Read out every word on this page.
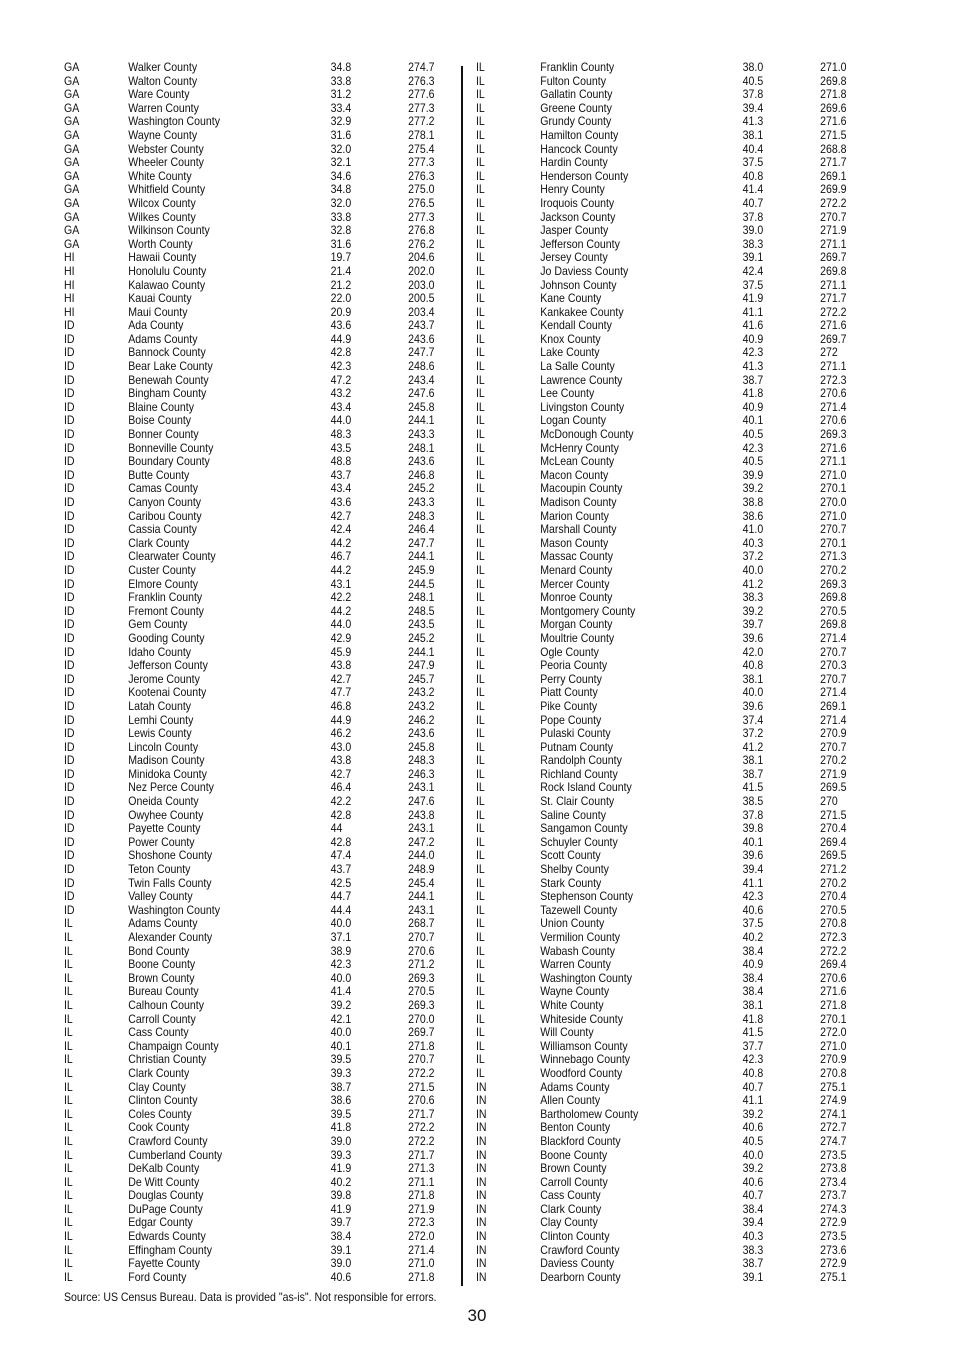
GA	Walker County	34.8	274.7
GA	Walton County	33.8	276.3
GA	Ware County	31.2	277.6
GA	Warren County	33.4	277.3
GA	Washington County	32.9	277.2
GA	Wayne County	31.6	278.1
GA	Webster County	32.0	275.4
GA	Wheeler County	32.1	277.3
GA	White County	34.6	276.3
GA	Whitfield County	34.8	275.0
GA	Wilcox County	32.0	276.5
GA	Wilkes County	33.8	277.3
GA	Wilkinson County	32.8	276.8
GA	Worth County	31.6	276.2
HI	Hawaii County	19.7	204.6
HI	Honolulu County	21.4	202.0
HI	Kalawao County	21.2	203.0
HI	Kauai County	22.0	200.5
HI	Maui County	20.9	203.4
ID	Ada County	43.6	243.7
ID	Adams County	44.9	243.6
ID	Bannock County	42.8	247.7
ID	Bear Lake County	42.3	248.6
ID	Benewah County	47.2	243.4
ID	Bingham County	43.2	247.6
ID	Blaine County	43.4	245.8
ID	Boise County	44.0	244.1
ID	Bonner County	48.3	243.3
ID	Bonneville County	43.5	248.1
ID	Boundary County	48.8	243.6
ID	Butte County	43.7	246.8
ID	Camas County	43.4	245.2
ID	Canyon County	43.6	243.3
ID	Caribou County	42.7	248.3
ID	Cassia County	42.4	246.4
ID	Clark County	44.2	247.7
ID	Clearwater County	46.7	244.1
ID	Custer County	44.2	245.9
ID	Elmore County	43.1	244.5
ID	Franklin County	42.2	248.1
ID	Fremont County	44.2	248.5
ID	Gem County	44.0	243.5
ID	Gooding County	42.9	245.2
ID	Idaho County	45.9	244.1
ID	Jefferson County	43.8	247.9
ID	Jerome County	42.7	245.7
ID	Kootenai County	47.7	243.2
ID	Latah County	46.8	243.2
ID	Lemhi County	44.9	246.2
ID	Lewis County	46.2	243.6
ID	Lincoln County	43.0	245.8
ID	Madison County	43.8	248.3
ID	Minidoka County	42.7	246.3
ID	Nez Perce County	46.4	243.1
ID	Oneida County	42.2	247.6
ID	Owyhee County	42.8	243.8
ID	Payette County	44	243.1
ID	Power County	42.8	247.2
ID	Shoshone County	47.4	244.0
ID	Teton County	43.7	248.9
ID	Twin Falls County	42.5	245.4
ID	Valley County	44.7	244.1
ID	Washington County	44.4	243.1
IL	Adams County	40.0	268.7
IL	Alexander County	37.1	270.7
IL	Bond County	38.9	270.6
IL	Boone County	42.3	271.2
IL	Brown County	40.0	269.3
IL	Bureau County	41.4	270.5
IL	Calhoun County	39.2	269.3
IL	Carroll County	42.1	270.0
IL	Cass County	40.0	269.7
IL	Champaign County	40.1	271.8
IL	Christian County	39.5	270.7
IL	Clark County	39.3	272.2
IL	Clay County	38.7	271.5
IL	Clinton County	38.6	270.6
IL	Coles County	39.5	271.7
IL	Cook County	41.8	272.2
IL	Crawford County	39.0	272.2
IL	Cumberland County	39.3	271.7
IL	DeKalb County	41.9	271.3
IL	De Witt County	40.2	271.1
IL	Douglas County	39.8	271.8
IL	DuPage County	41.9	271.9
IL	Edgar County	39.7	272.3
IL	Edwards County	38.4	272.0
IL	Effingham County	39.1	271.4
IL	Fayette County	39.0	271.0
IL	Ford County	40.6	271.8
IL	Franklin County	38.0	271.0
IL	Fulton County	40.5	269.8
IL	Gallatin County	37.8	271.8
IL	Greene County	39.4	269.6
IL	Grundy County	41.3	271.6
IL	Hamilton County	38.1	271.5
IL	Hancock County	40.4	268.8
IL	Hardin County	37.5	271.7
IL	Henderson County	40.8	269.1
IL	Henry County	41.4	269.9
IL	Iroquois County	40.7	272.2
IL	Jackson County	37.8	270.7
IL	Jasper County	39.0	271.9
IL	Jefferson County	38.3	271.1
IL	Jersey County	39.1	269.7
IL	Jo Daviess County	42.4	269.8
IL	Johnson County	37.5	271.1
IL	Kane County	41.9	271.7
IL	Kankakee County	41.1	272.2
IL	Kendall County	41.6	271.6
IL	Knox County	40.9	269.7
IL	Lake County	42.3	272
IL	La Salle County	41.3	271.1
IL	Lawrence County	38.7	272.3
IL	Lee County	41.8	270.6
IL	Livingston County	40.9	271.4
IL	Logan County	40.1	270.6
IL	McDonough County	40.5	269.3
IL	McHenry County	42.3	271.6
IL	McLean County	40.5	271.1
IL	Macon County	39.9	271.0
IL	Macoupin County	39.2	270.1
IL	Madison County	38.8	270.0
IL	Marion County	38.6	271.0
IL	Marshall County	41.0	270.7
IL	Mason County	40.3	270.1
IL	Massac County	37.2	271.3
IL	Menard County	40.0	270.2
IL	Mercer County	41.2	269.3
IL	Monroe County	38.3	269.8
IL	Montgomery County	39.2	270.5
IL	Morgan County	39.7	269.8
IL	Moultrie County	39.6	271.4
IL	Ogle County	42.0	270.7
IL	Peoria County	40.8	270.3
IL	Perry County	38.1	270.7
IL	Piatt County	40.0	271.4
IL	Pike County	39.6	269.1
IL	Pope County	37.4	271.4
IL	Pulaski County	37.2	270.9
IL	Putnam County	41.2	270.7
IL	Randolph County	38.1	270.2
IL	Richland County	38.7	271.9
IL	Rock Island County	41.5	269.5
IL	St. Clair County	38.5	270
IL	Saline County	37.8	271.5
IL	Sangamon County	39.8	270.4
IL	Schuyler County	40.1	269.4
IL	Scott County	39.6	269.5
IL	Shelby County	39.4	271.2
IL	Stark County	41.1	270.2
IL	Stephenson County	42.3	270.4
IL	Tazewell County	40.6	270.5
IL	Union County	37.5	270.8
IL	Vermilion County	40.2	272.3
IL	Wabash County	38.4	272.2
IL	Warren County	40.9	269.4
IL	Washington County	38.4	270.6
IL	Wayne County	38.4	271.6
IL	White County	38.1	271.8
IL	Whiteside County	41.8	270.1
IL	Will County	41.5	272.0
IL	Williamson County	37.7	271.0
IL	Winnebago County	42.3	270.9
IL	Woodford County	40.8	270.8
IN	Adams County	40.7	275.1
IN	Allen County	41.1	274.9
IN	Bartholomew County	39.2	274.1
IN	Benton County	40.6	272.7
IN	Blackford County	40.5	274.7
IN	Boone County	40.0	273.5
IN	Brown County	39.2	273.8
IN	Carroll County	40.6	273.4
IN	Cass County	40.7	273.7
IN	Clark County	38.4	274.3
IN	Clay County	39.4	272.9
IN	Clinton County	40.3	273.5
IN	Crawford County	38.3	273.6
IN	Daviess County	38.7	272.9
IN	Dearborn County	39.1	275.1
Source: US Census Bureau. Data is provided "as-is". Not responsible for errors.
30
